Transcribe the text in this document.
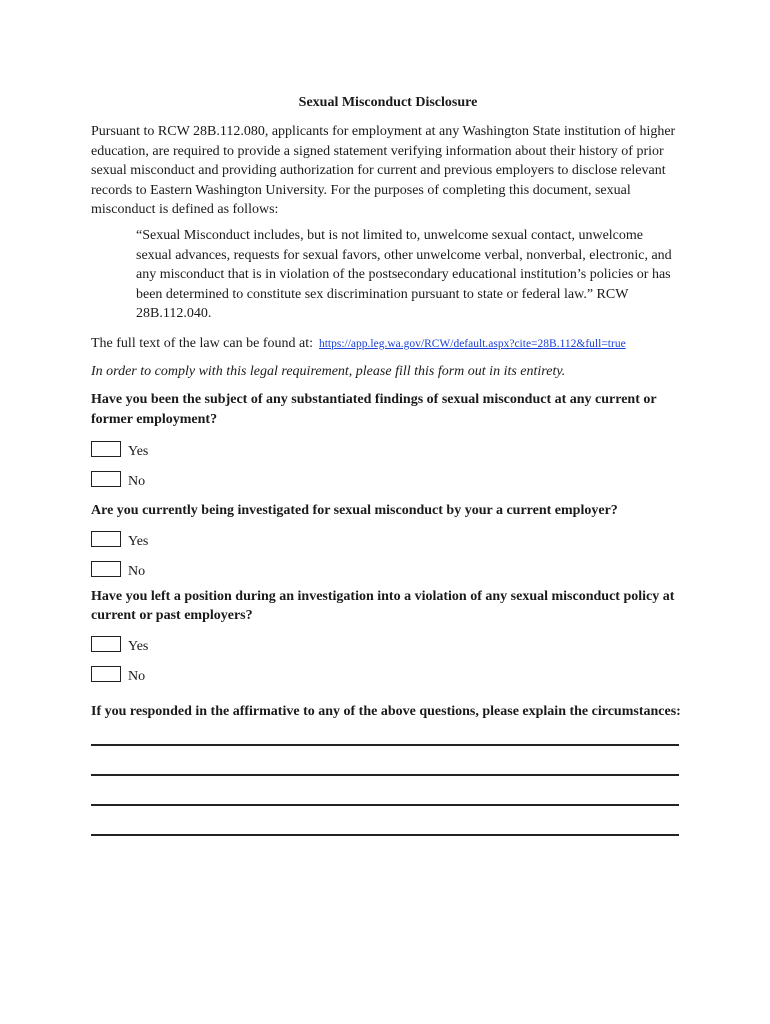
Sexual Misconduct Disclosure

Pursuant to RCW 28B.112.080, applicants for employment at any Washington State institution of higher education, are required to provide a signed statement verifying information about their history of prior sexual misconduct and providing authorization for current and previous employers to disclose relevant records to Eastern Washington University. For the purposes of completing this document, sexual misconduct is defined as follows:

“Sexual Misconduct includes, but is not limited to, unwelcome sexual contact, unwelcome sexual advances, requests for sexual favors, other unwelcome verbal, nonverbal, electronic, and any misconduct that is in violation of the postsecondary educational institution’s policies or has been determined to constitute sex discrimination pursuant to state or federal law.” RCW 28B.112.040.

The full text of the law can be found at: https://app.leg.wa.gov/RCW/default.aspx?cite=28B.112&full=true

In order to comply with this legal requirement, please fill this form out in its entirety.

Have you been the subject of any substantiated findings of sexual misconduct at any current or former employment?

Yes
No

Are you currently being investigated for sexual misconduct by your a current employer?

Yes
No

Have you left a position during an investigation into a violation of any sexual misconduct policy at current or past employers?

Yes
No

If you responded in the affirmative to any of the above questions, please explain the circumstances:
